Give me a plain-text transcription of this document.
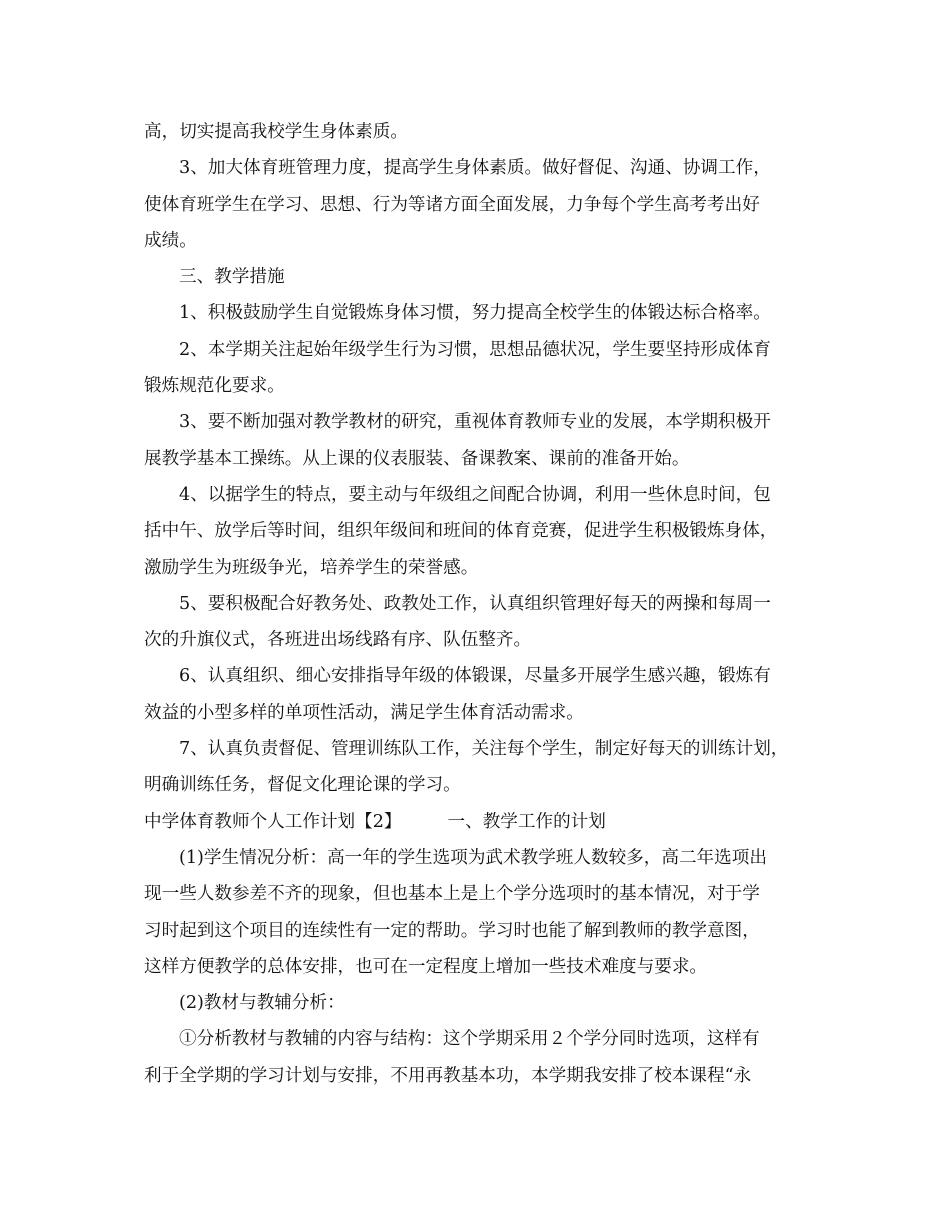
高，切实提高我校学生身体素质。
3、加大体育班管理力度，提高学生身体素质。做好督促、沟通、协调工作，
使体育班学生在学习、思想、行为等诸方面全面发展，力争每个学生高考考出好
成绩。
三、教学措施
1、积极鼓励学生自觉锻炼身体习惯，努力提高全校学生的体锻达标合格率。
2、本学期关注起始年级学生行为习惯，思想品德状况，学生要坚持形成体育
锻炼规范化要求。
3、要不断加强对教学教材的研究，重视体育教师专业的发展，本学期积极开
展教学基本工操练。从上课的仪表服装、备课教案、课前的准备开始。
4、以据学生的特点，要主动与年级组之间配合协调，利用一些休息时间，包
括中午、放学后等时间，组织年级间和班间的体育竞赛，促进学生积极锻炼身体，
激励学生为班级争光，培养学生的荣誉感。
5、要积极配合好教务处、政教处工作，认真组织管理好每天的两操和每周一
次的升旗仪式，各班进出场线路有序、队伍整齐。
6、认真组织、细心安排指导年级的体锻课，尽量多开展学生感兴趣，锻炼有
效益的小型多样的单项性活动，满足学生体育活动需求。
7、认真负责督促、管理训练队工作，关注每个学生，制定好每天的训练计划，
明确训练任务，督促文化理论课的学习。
中学体育教师个人工作计划【2】	一、教学工作的计划
(1)学生情况分析：高一年的学生选项为武术教学班人数较多，高二年选项出
现一些人数参差不齐的现象，但也基本上是上个学分选项时的基本情况，对于学
习时起到这个项目的连续性有一定的帮助。学习时也能了解到教师的教学意图，
这样方便教学的总体安排，也可在一定程度上增加一些技术难度与要求。
(2)教材与教辅分析：
①分析教材与教辅的内容与结构：这个学期采用２个学分同时选项，这样有
利于全学期的学习计划与安排，不用再教基本功，本学期我安排了校本课程“永
